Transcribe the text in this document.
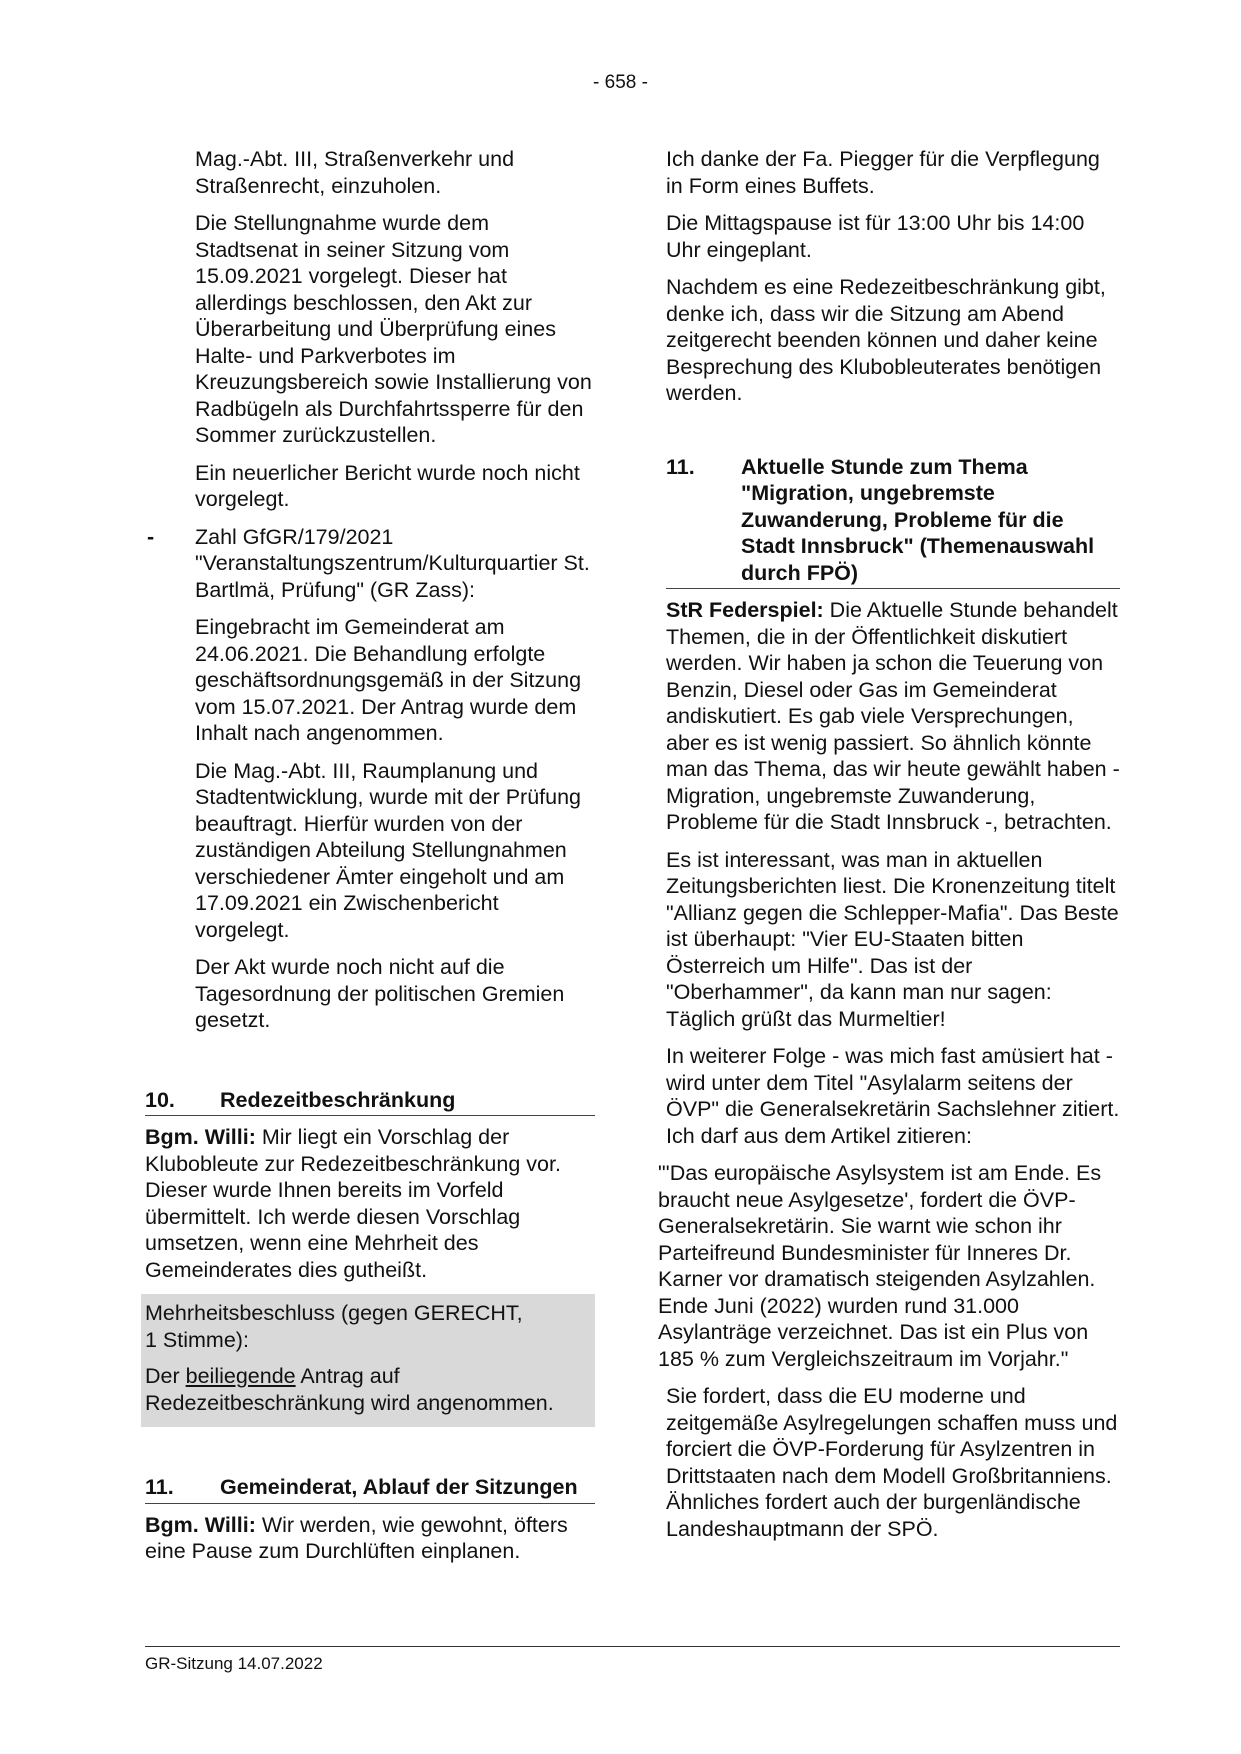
- 658 -

Mag.-Abt. III, Straßenverkehr und Straßenrecht, einzuholen.

Die Stellungnahme wurde dem Stadtsenat in seiner Sitzung vom 15.09.2021 vorgelegt. Dieser hat allerdings beschlossen, den Akt zur Überarbeitung und Überprüfung eines Halte- und Parkverbotes im Kreuzungsbereich sowie Installierung von Radbügeln als Durchfahrtssperre für den Sommer zurückzustellen.

Ein neuerlicher Bericht wurde noch nicht vorgelegt.

- Zahl GfGR/179/2021 "Veranstaltungszentrum/Kulturquartier St. Bartlmä, Prüfung" (GR Zass):

Eingebracht im Gemeinderat am 24.06.2021. Die Behandlung erfolgte geschäftsordnungsgemäß in der Sitzung vom 15.07.2021. Der Antrag wurde dem Inhalt nach angenommen.

Die Mag.-Abt. III, Raumplanung und Stadtentwicklung, wurde mit der Prüfung beauftragt. Hierfür wurden von der zuständigen Abteilung Stellungnahmen verschiedener Ämter eingeholt und am 17.09.2021 ein Zwischenbericht vorgelegt.

Der Akt wurde noch nicht auf die Tagesordnung der politischen Gremien gesetzt.

10.	Redezeitbeschränkung

Bgm. Willi: Mir liegt ein Vorschlag der Klubobleute zur Redezeitbeschränkung vor. Dieser wurde Ihnen bereits im Vorfeld übermittelt. Ich werde diesen Vorschlag umsetzen, wenn eine Mehrheit des Gemeinderates dies gutheißt.

Mehrheitsbeschluss (gegen GERECHT,
1 Stimme):

Der beiliegende Antrag auf Redezeitbeschränkung wird angenommen.

11.	Gemeinderat, Ablauf der Sitzungen

Bgm. Willi: Wir werden, wie gewohnt, öfters eine Pause zum Durchlüften einplanen.

Ich danke der Fa. Piegger für die Verpflegung in Form eines Buffets.

Die Mittagspause ist für 13:00 Uhr bis 14:00 Uhr eingeplant.

Nachdem es eine Redezeitbeschränkung gibt, denke ich, dass wir die Sitzung am Abend zeitgerecht beenden können und daher keine Besprechung des Klubobleuterates benötigen werden.

11.	Aktuelle Stunde zum Thema "Migration, ungebremste Zuwanderung, Probleme für die Stadt Innsbruck" (Themenauswahl durch FPÖ)

StR Federspiel: Die Aktuelle Stunde behandelt Themen, die in der Öffentlichkeit diskutiert werden. Wir haben ja schon die Teuerung von Benzin, Diesel oder Gas im Gemeinderat andiskutiert. Es gab viele Versprechungen, aber es ist wenig passiert. So ähnlich könnte man das Thema, das wir heute gewählt haben - Migration, ungebremste Zuwanderung, Probleme für die Stadt Innsbruck -, betrachten.

Es ist interessant, was man in aktuellen Zeitungsberichten liest. Die Kronenzeitung titelt "Allianz gegen die Schlepper-Mafia". Das Beste ist überhaupt: "Vier EU-Staaten bitten Österreich um Hilfe". Das ist der "Oberhammer", da kann man nur sagen: Täglich grüßt das Murmeltier!

In weiterer Folge - was mich fast amüsiert hat - wird unter dem Titel "Asylalarm seitens der ÖVP" die Generalsekretärin Sachslehner zitiert. Ich darf aus dem Artikel zitieren:

"'Das europäische Asylsystem ist am Ende. Es braucht neue Asylgesetze', fordert die ÖVP-Generalsekretärin. Sie warnt wie schon ihr Parteifreund Bundesminister für Inneres Dr. Karner vor dramatisch steigenden Asylzahlen. Ende Juni (2022) wurden rund 31.000 Asylanträge verzeichnet. Das ist ein Plus von 185 % zum Vergleichszeitraum im Vorjahr."

Sie fordert, dass die EU moderne und zeitgemäße Asylregelungen schaffen muss und forciert die ÖVP-Forderung für Asylzentren in Drittstaaten nach dem Modell Großbritanniens. Ähnliches fordert auch der burgenländische Landeshauptmann der SPÖ.

GR-Sitzung 14.07.2022
